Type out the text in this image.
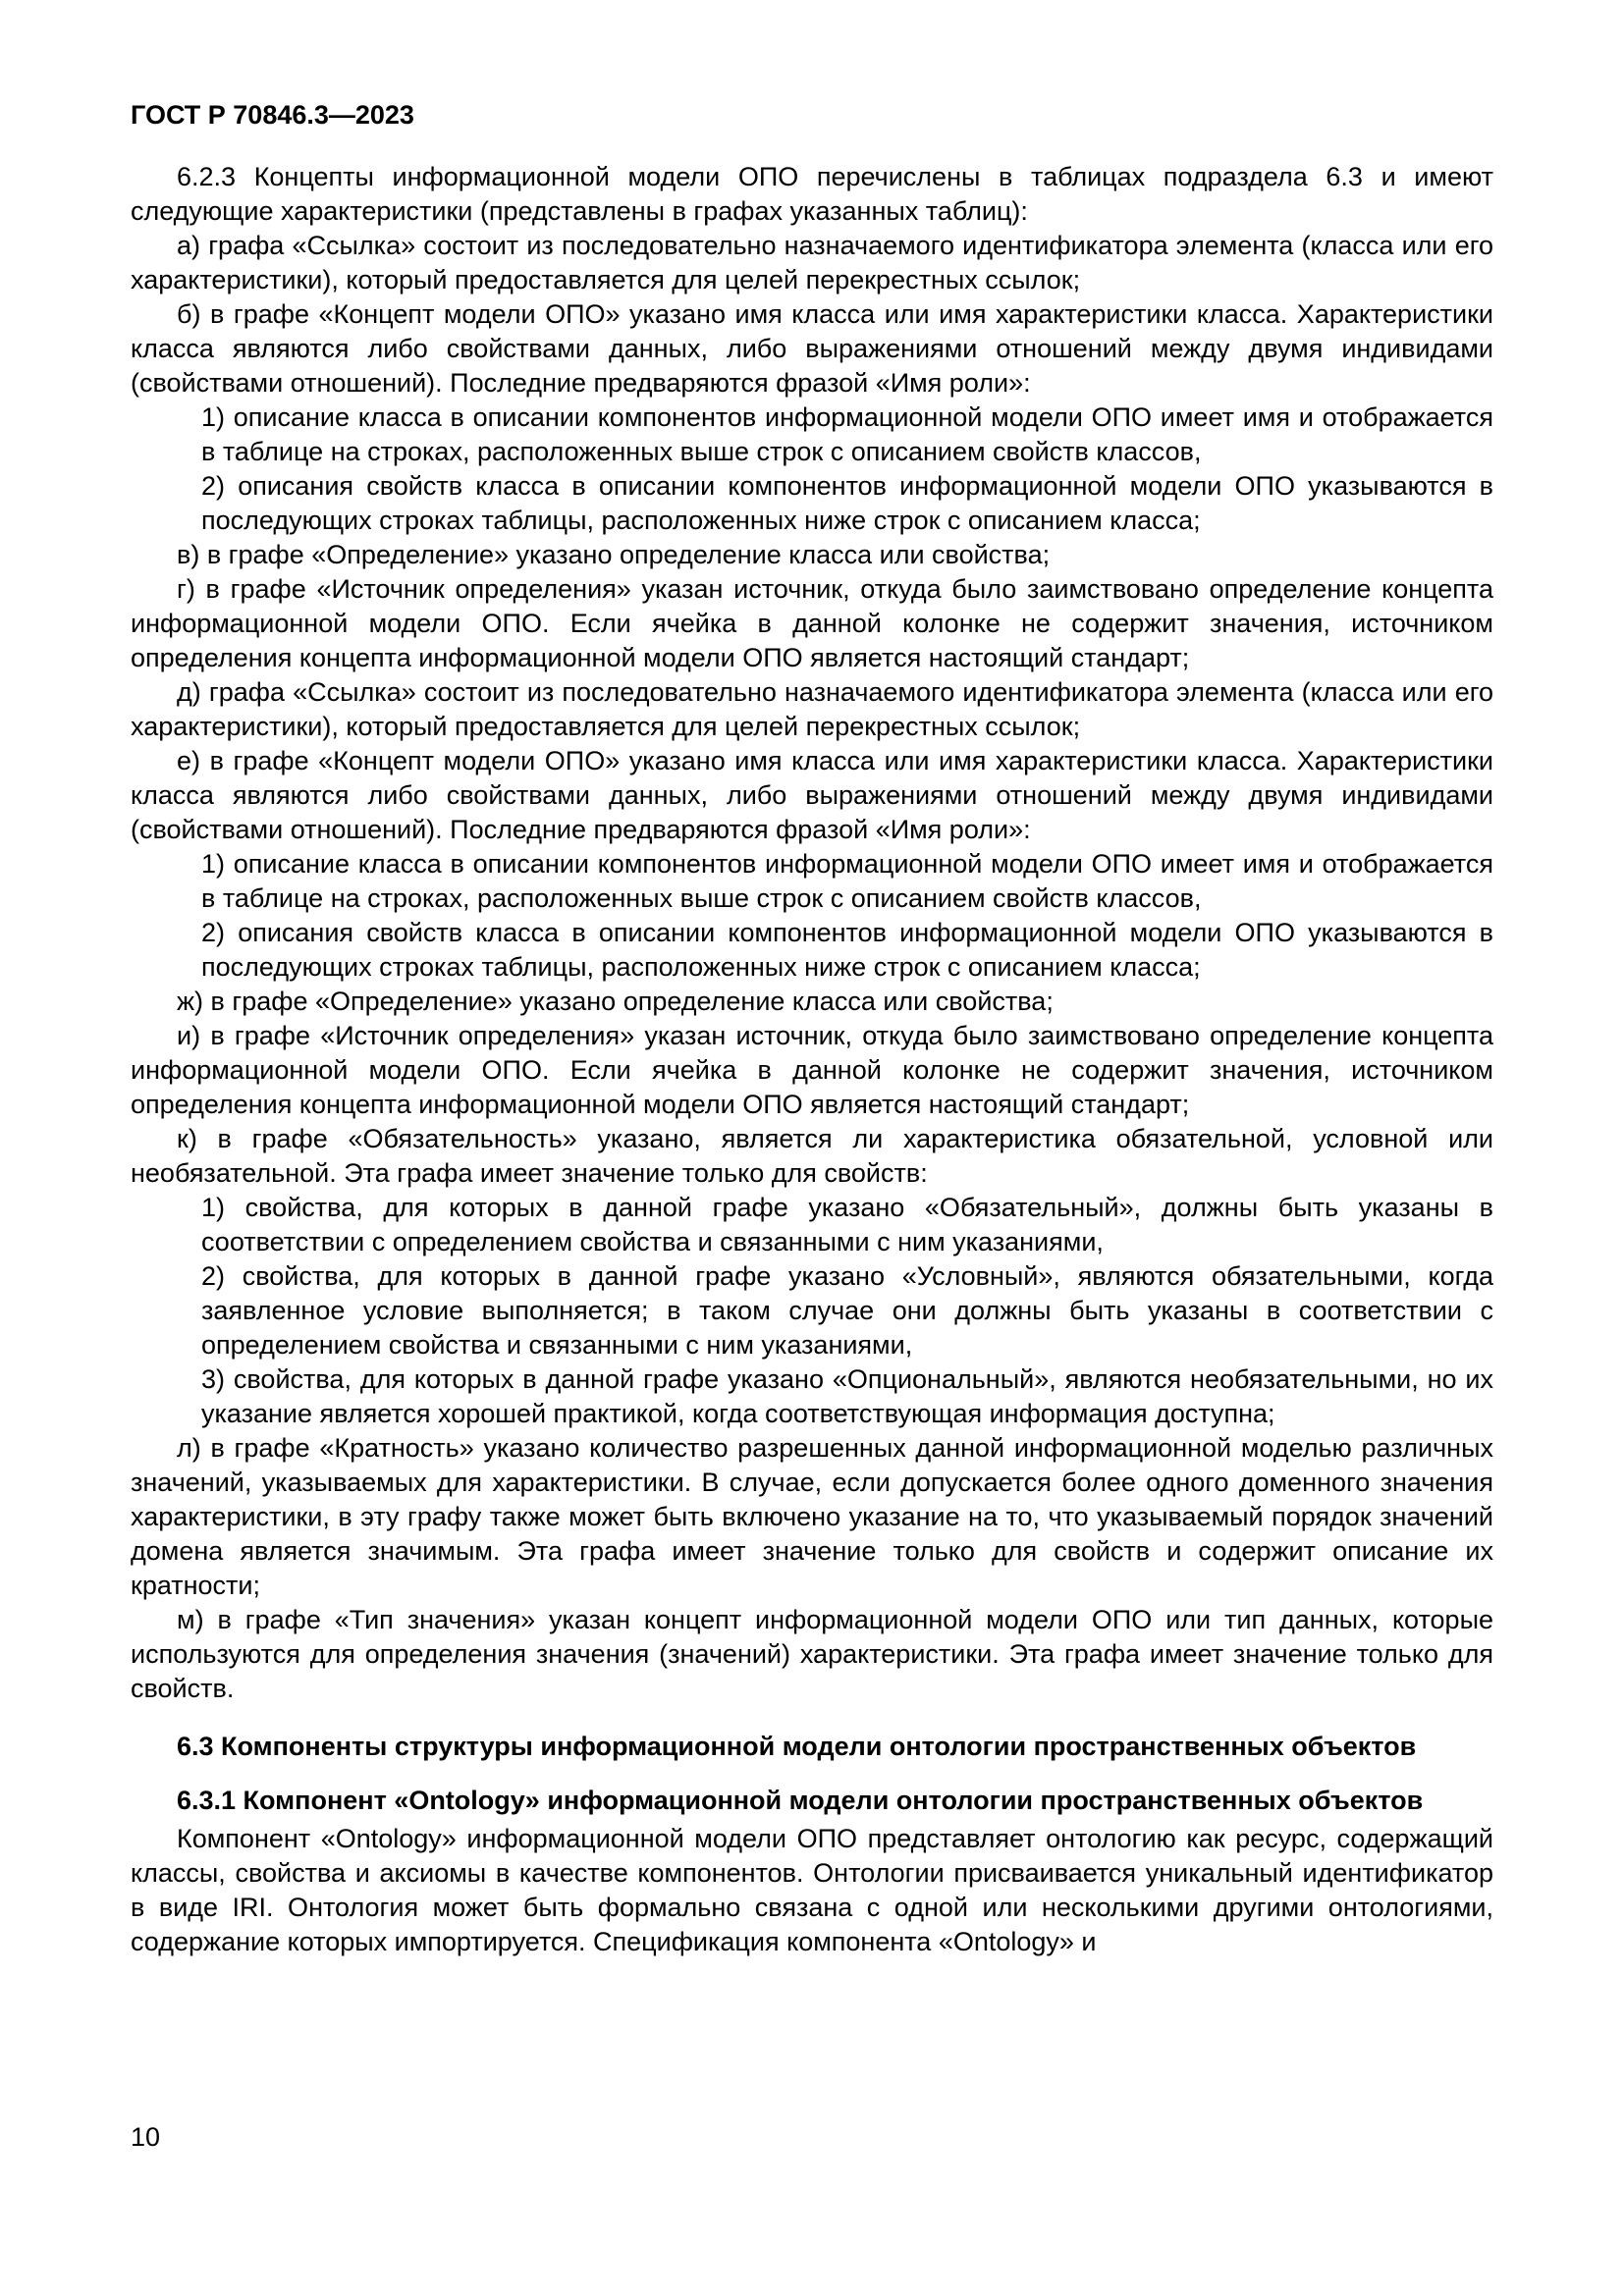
ГОСТ Р 70846.3—2023

6.2.3 Концепты информационной модели ОПО перечислены в таблицах подраздела 6.3 и имеют следующие характеристики (представлены в графах указанных таблиц):

а) графа «Ссылка» состоит из последовательно назначаемого идентификатора элемента (класса или его характеристики), который предоставляется для целей перекрестных ссылок;

б) в графе «Концепт модели ОПО» указано имя класса или имя характеристики класса. Характеристики класса являются либо свойствами данных, либо выражениями отношений между двумя индивидами (свойствами отношений). Последние предваряются фразой «Имя роли»:

1) описание класса в описании компонентов информационной модели ОПО имеет имя и отображается в таблице на строках, расположенных выше строк с описанием свойств классов,

2) описания свойств класса в описании компонентов информационной модели ОПО указываются в последующих строках таблицы, расположенных ниже строк с описанием класса;

в) в графе «Определение» указано определение класса или свойства;

г) в графе «Источник определения» указан источник, откуда было заимствовано определение концепта информационной модели ОПО. Если ячейка в данной колонке не содержит значения, источником определения концепта информационной модели ОПО является настоящий стандарт;

д) графа «Ссылка» состоит из последовательно назначаемого идентификатора элемента (класса или его характеристики), который предоставляется для целей перекрестных ссылок;

е) в графе «Концепт модели ОПО» указано имя класса или имя характеристики класса. Характеристики класса являются либо свойствами данных, либо выражениями отношений между двумя индивидами (свойствами отношений). Последние предваряются фразой «Имя роли»:

1) описание класса в описании компонентов информационной модели ОПО имеет имя и отображается в таблице на строках, расположенных выше строк с описанием свойств классов,

2) описания свойств класса в описании компонентов информационной модели ОПО указываются в последующих строках таблицы, расположенных ниже строк с описанием класса;

ж) в графе «Определение» указано определение класса или свойства;

и) в графе «Источник определения» указан источник, откуда было заимствовано определение концепта информационной модели ОПО. Если ячейка в данной колонке не содержит значения, источником определения концепта информационной модели ОПО является настоящий стандарт;

к) в графе «Обязательность» указано, является ли характеристика обязательной, условной или необязательной. Эта графа имеет значение только для свойств:

1) свойства, для которых в данной графе указано «Обязательный», должны быть указаны в соответствии с определением свойства и связанными с ним указаниями,

2) свойства, для которых в данной графе указано «Условный», являются обязательными, когда заявленное условие выполняется; в таком случае они должны быть указаны в соответствии с определением свойства и связанными с ним указаниями,

3) свойства, для которых в данной графе указано «Опциональный», являются необязательными, но их указание является хорошей практикой, когда соответствующая информация доступна;

л) в графе «Кратность» указано количество разрешенных данной информационной моделью различных значений, указываемых для характеристики. В случае, если допускается более одного доменного значения характеристики, в эту графу также может быть включено указание на то, что указываемый порядок значений домена является значимым. Эта графа имеет значение только для свойств и содержит описание их кратности;

м) в графе «Тип значения» указан концепт информационной модели ОПО или тип данных, которые используются для определения значения (значений) характеристики. Эта графа имеет значение только для свойств.

6.3 Компоненты структуры информационной модели онтологии пространственных объектов

6.3.1 Компонент «Ontology» информационной модели онтологии пространственных объектов

Компонент «Ontology» информационной модели ОПО представляет онтологию как ресурс, содержащий классы, свойства и аксиомы в качестве компонентов. Онтологии присваивается уникальный идентификатор в виде IRI. Онтология может быть формально связана с одной или несколькими другими онтологиями, содержание которых импортируется. Спецификация компонента «Ontology» и

10
